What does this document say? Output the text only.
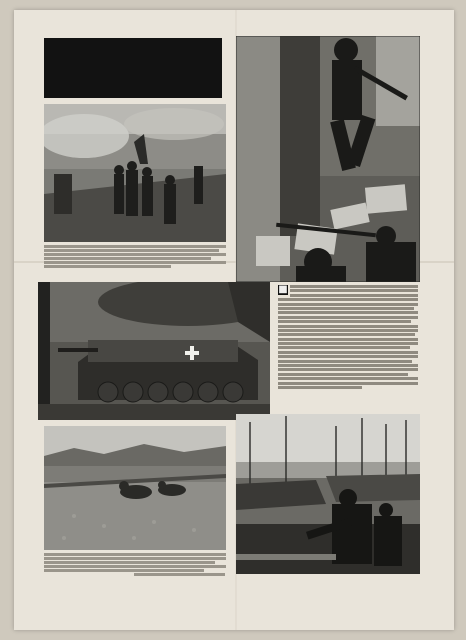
■
